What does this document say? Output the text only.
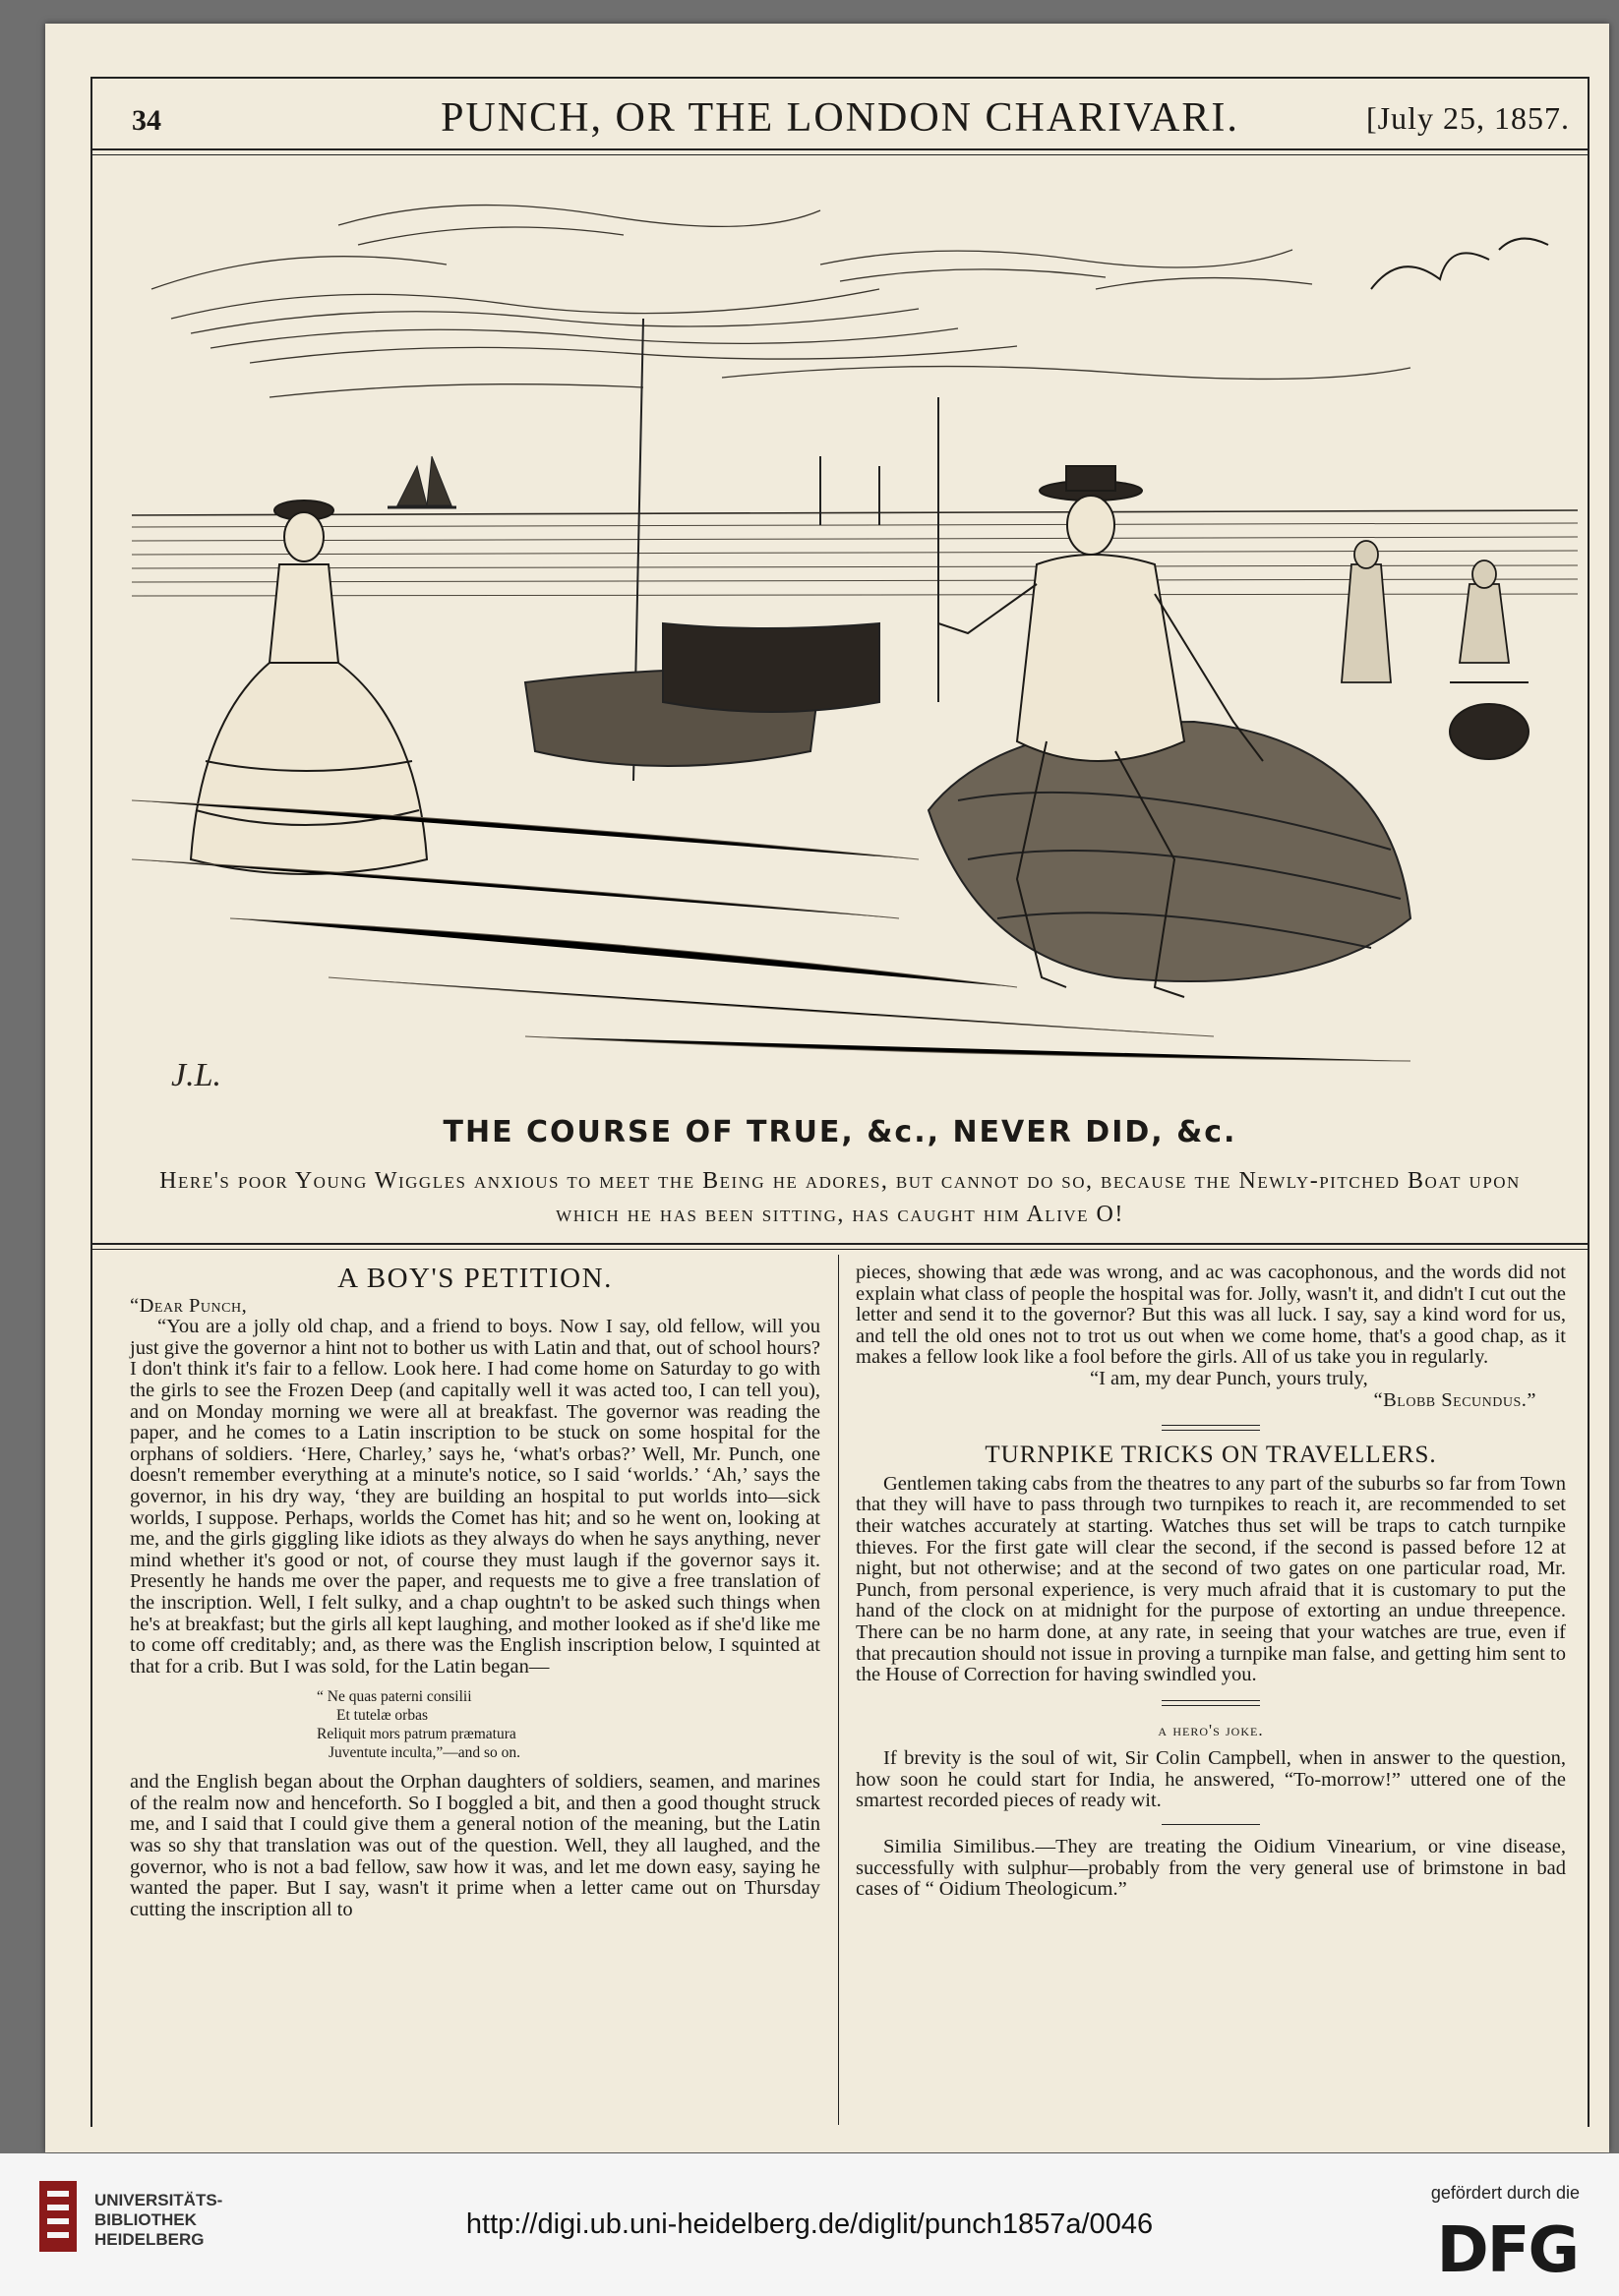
34	PUNCH, OR THE LONDON CHARIVARI.	[July 25, 1857.
J.L.
THE COURSE OF TRUE, &c., NEVER DID, &c.
Here's poor Young Wiggles anxious to meet the Being he adores, but cannot do so, because the Newly-pitched Boat upon which he has been sitting, has caught him Alive O!
A BOY'S PETITION.

“Dear Punch,

“You are a jolly old chap, and a friend to boys. Now I say, old fellow, will you just give the governor a hint not to bother us with Latin and that, out of school hours? I don't think it's fair to a fellow. Look here. I had come home on Saturday to go with the girls to see the Frozen Deep (and capitally well it was acted too, I can tell you), and on Monday morning we were all at breakfast. The governor was reading the paper, and he comes to a Latin inscription to be stuck on some hospital for the orphans of soldiers. ‘Here, Charley,’ says he, ‘what's orbas?’ Well, Mr. Punch, one doesn't remember everything at a minute's notice, so I said ‘worlds.’ ‘Ah,’ says the governor, in his dry way, ‘they are building an hospital to put worlds into—sick worlds, I suppose. Perhaps, worlds the Comet has hit; and so he went on, looking at me, and the girls giggling like idiots as they always do when he says anything, never mind whether it's good or not, of course they must laugh if the governor says it. Presently he hands me over the paper, and requests me to give a free translation of the inscription. Well, I felt sulky, and a chap oughtn't to be asked such things when he's at breakfast; but the girls all kept laughing, and mother looked as if she'd like me to come off creditably; and, as there was the English inscription below, I squinted at that for a crib. But I was sold, for the Latin began—

“ Ne quas paterni consilii
Et tutelæ orbas
Reliquit mors patrum præmatura
Juventute inculta,”—and so on.

and the English began about the Orphan daughters of soldiers, seamen, and marines of the realm now and henceforth. So I boggled a bit, and then a good thought struck me, and I said that I could give them a general notion of the meaning, but the Latin was so shy that translation was out of the question. Well, they all laughed, and the governor, who is not a bad fellow, saw how it was, and let me down easy, saying he wanted the paper. But I say, wasn't it prime when a letter came out on Thursday cutting the inscription all to

pieces, showing that æde was wrong, and ac was cacophonous, and the words did not explain what class of people the hospital was for. Jolly, wasn't it, and didn't I cut out the letter and send it to the governor? But this was all luck. I say, say a kind word for us, and tell the old ones not to trot us out when we come home, that's a good chap, as it makes a fellow look like a fool before the girls. All of us take you in regularly.

“I am, my dear Punch, yours truly,

“Blobb Secundus.”

TURNPIKE TRICKS ON TRAVELLERS.

Gentlemen taking cabs from the theatres to any part of the suburbs so far from Town that they will have to pass through two turnpikes to reach it, are recommended to set their watches accurately at starting. Watches thus set will be traps to catch turnpike thieves. For the first gate will clear the second, if the second is passed before 12 at night, but not otherwise; and at the second of two gates on one particular road, Mr. Punch, from personal experience, is very much afraid that it is customary to put the hand of the clock on at midnight for the purpose of extorting an undue threepence. There can be no harm done, at any rate, in seeing that your watches are true, even if that precaution should not issue in proving a turnpike man false, and getting him sent to the House of Correction for having swindled you.

a hero's joke.

If brevity is the soul of wit, Sir Colin Campbell, when in answer to the question, how soon he could start for India, he answered, “To-morrow!” uttered one of the smartest recorded pieces of ready wit.

Similia Similibus.—They are treating the Oidium Vinearium, or vine disease, successfully with sulphur—probably from the very general use of brimstone in bad cases of “ Oidium Theologicum.”

UNIVERSITÄTS-
BIBLIOTHEK
HEIDELBERG	http://digi.ub.uni-heidelberg.de/diglit/punch1857a/0046
gefördert durch die
DFG
